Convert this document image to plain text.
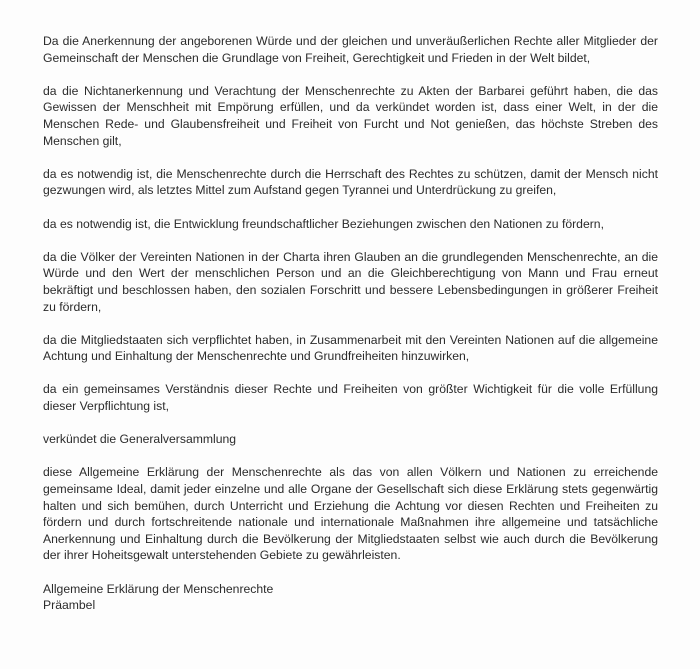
Da die Anerkennung der angeborenen Würde und der gleichen und unveräußerlichen Rechte aller Mitglieder der Gemeinschaft der Menschen die Grundlage von Freiheit, Gerechtigkeit und Frieden in der Welt bildet,

da die Nichtanerkennung und Verachtung der Menschenrechte zu Akten der Barbarei geführt haben, die das Gewissen der Menschheit mit Empörung erfüllen, und da verkündet worden ist, dass einer Welt, in der die Menschen Rede- und Glaubensfreiheit und Freiheit von Furcht und Not genießen, das höchste Streben des Menschen gilt,

da es notwendig ist, die Menschenrechte durch die Herrschaft des Rechtes zu schützen, damit der Mensch nicht gezwungen wird, als letztes Mittel zum Aufstand gegen Tyrannei und Unterdrückung zu greifen,

da es notwendig ist, die Entwicklung freundschaftlicher Beziehungen zwischen den Nationen zu fördern,

da die Völker der Vereinten Nationen in der Charta ihren Glauben an die grundlegenden Menschenrechte, an die Würde und den Wert der menschlichen Person und an die Gleichberechtigung von Mann und Frau erneut bekräftigt und beschlossen haben, den sozialen Forschritt und bessere Lebensbedingungen in größerer Freiheit zu fördern,

da die Mitgliedstaaten sich verpflichtet haben, in Zusammenarbeit mit den Vereinten Nationen auf die allgemeine Achtung und Einhaltung der Menschenrechte und Grundfreiheiten hinzuwirken,

da ein gemeinsames Verständnis dieser Rechte und Freiheiten von größter Wichtigkeit für die volle Erfüllung dieser Verpflichtung ist,

verkündet die Generalversammlung

diese Allgemeine Erklärung der Menschenrechte als das von allen Völkern und Nationen zu erreichende gemeinsame Ideal, damit jeder einzelne und alle Organe der Gesellschaft sich diese Erklärung stets gegenwärtig halten und sich bemühen, durch Unterricht und Erziehung die Achtung vor diesen Rechten und Freiheiten zu fördern und durch fortschreitende nationale und internationale Maßnahmen ihre allgemeine und tatsächliche Anerkennung und Einhaltung durch die Bevölkerung der Mitgliedstaaten selbst wie auch durch die Bevölkerung der ihrer Hoheitsgewalt unterstehenden Gebiete zu gewährleisten.

Allgemeine Erklärung der Menschenrechte
Präambel
